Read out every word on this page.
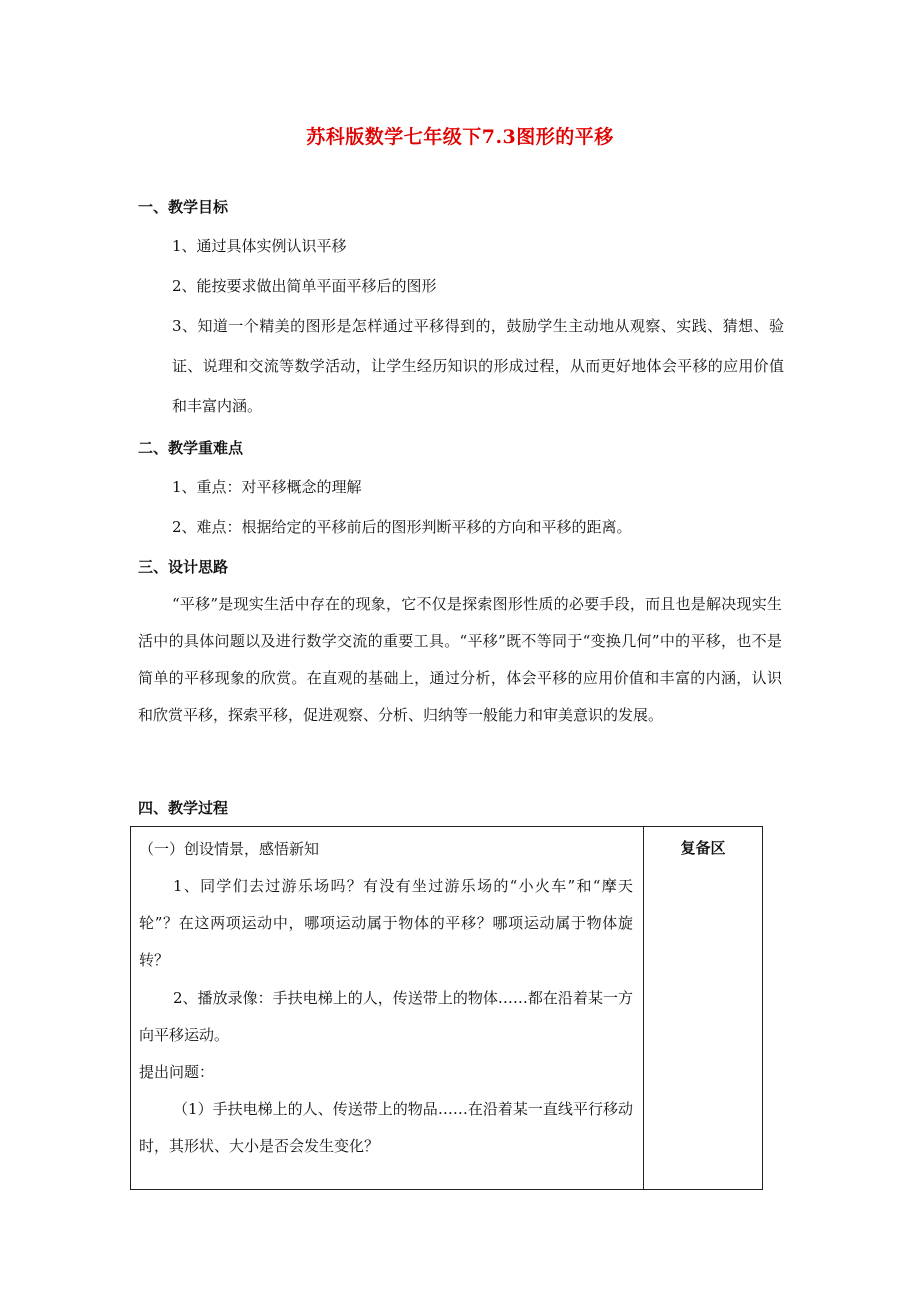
苏科版数学七年级下7.3图形的平移
一、教学目标
1、通过具体实例认识平移
2、能按要求做出简单平面平移后的图形
3、知道一个精美的图形是怎样通过平移得到的，鼓励学生主动地从观察、实践、猜想、验证、说理和交流等数学活动，让学生经历知识的形成过程，从而更好地体会平移的应用价值和丰富内涵。
二、教学重难点
1、重点：对平移概念的理解
2、难点：根据给定的平移前后的图形判断平移的方向和平移的距离。
三、设计思路
“平移”是现实生活中存在的现象，它不仅是探索图形性质的必要手段，而且也是解决现实生活中的具体问题以及进行数学交流的重要工具。“平移”既不等同于“变换几何”中的平移，也不是简单的平移现象的欣赏。在直观的基础上，通过分析，体会平移的应用价值和丰富的内涵，认识和欣赏平移，探索平移，促进观察、分析、归纳等一般能力和审美意识的发展。
四、教学过程
（一）创设情景，感悟新知
1、同学们去过游乐场吗？有没有坐过游乐场的“小火车”和“摩天轮”？在这两项运动中，哪项运动属于物体的平移？哪项运动属于物体旋转？
2、播放录像：手扶电梯上的人，传送带上的物体……都在沿着某一方向平移运动。
提出问题：
（1）手扶电梯上的人、传送带上的物品……在沿着某一直线平行移动时，其形状、大小是否会发生变化？
	复备区
